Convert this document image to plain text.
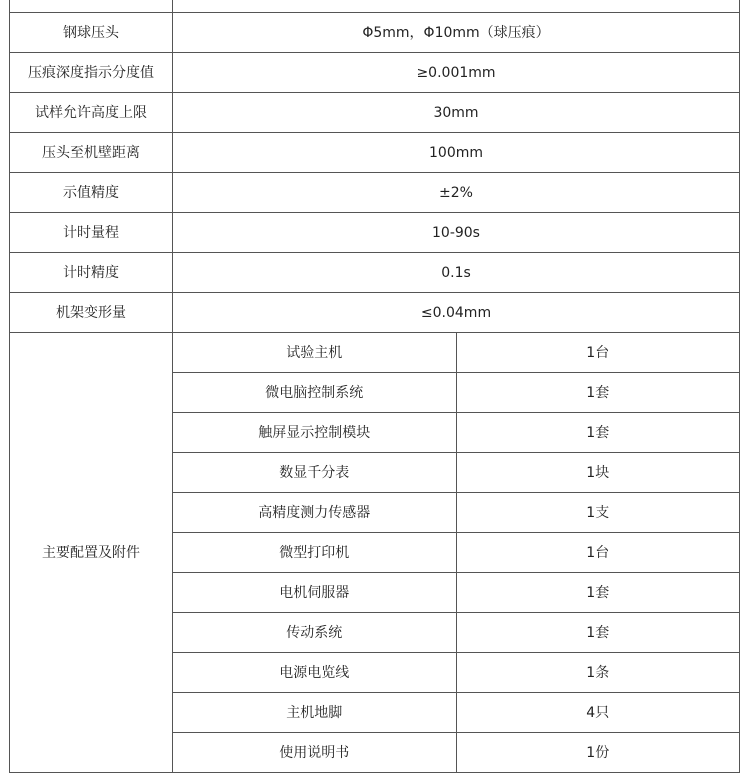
钢球压头	Φ5mm，Φ10mm（球压痕）	
压痕深度指示分度值	≥0.001mm	
试样允许高度上限	30mm	
压头至机壁距离	100mm	
示值精度	±2%	
计时量程	10-90s	
计时精度	0.1s	
机架变形量	≤0.04mm	
主要配置及附件	试验主机	1台
	微电脑控制系统	1套
	触屏显示控制模块	1套
	数显千分表	1块
	高精度测力传感器	1支
	微型打印机	1台
	电机伺服器	1套
	传动系统	1套
	电源电览线	1条
	主机地脚	4只
	使用说明书	1份
